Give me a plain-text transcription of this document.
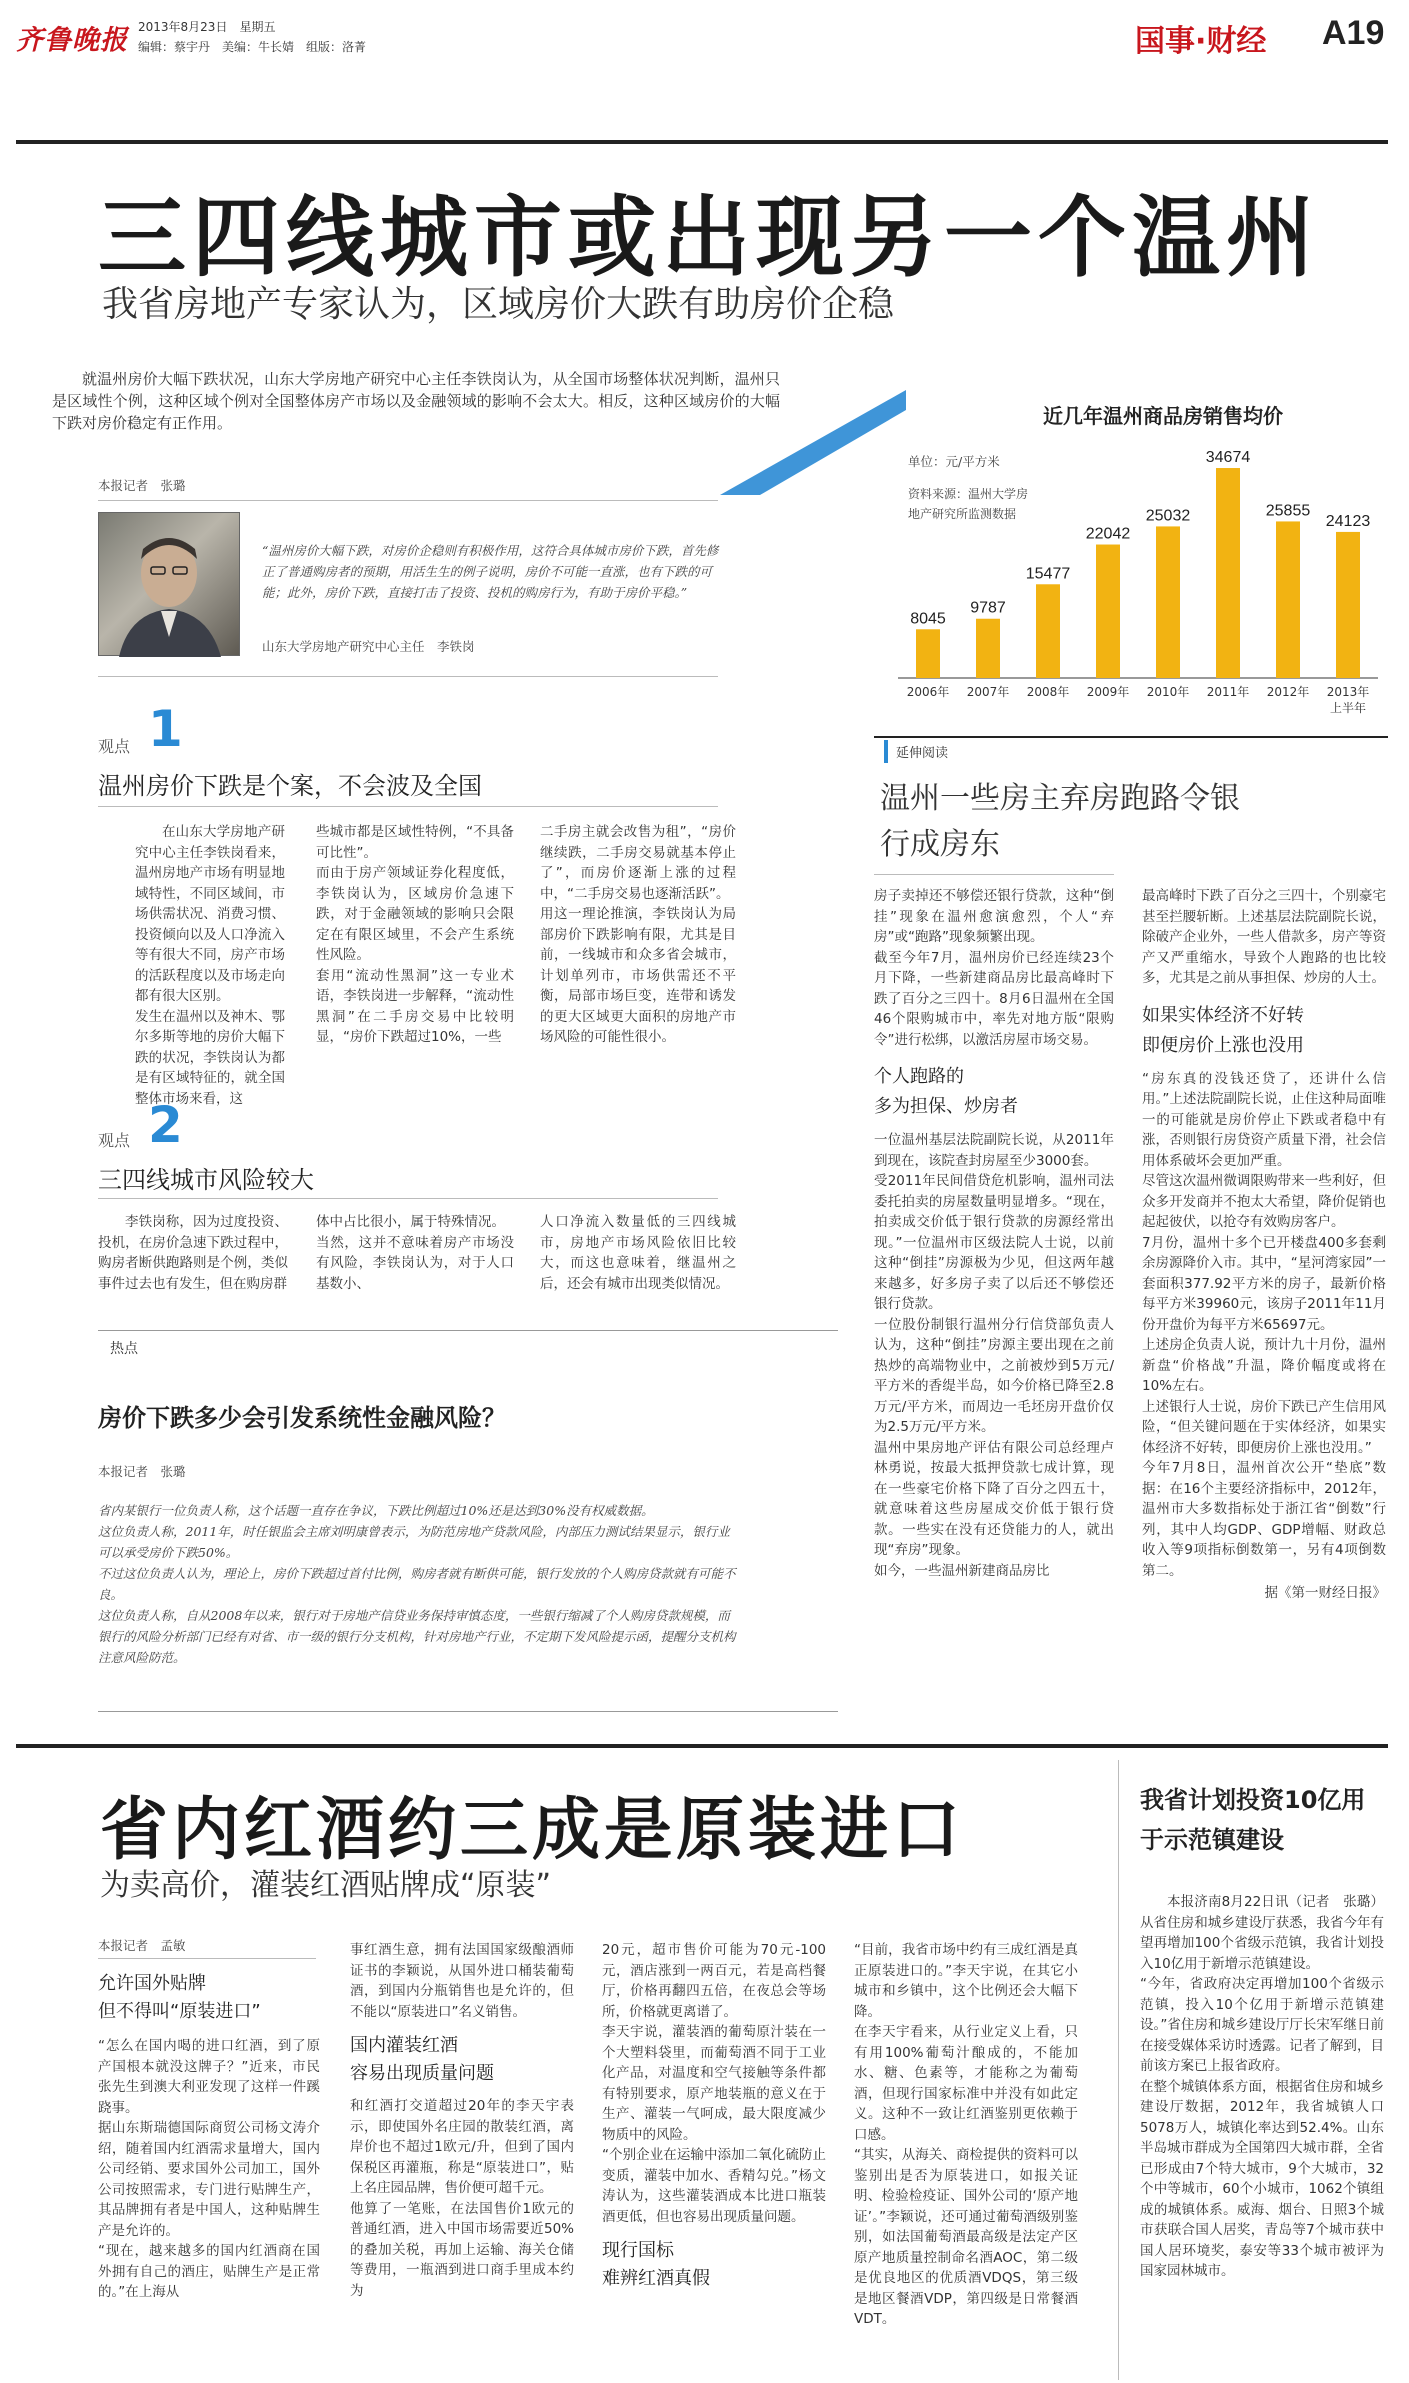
齐鲁晚报 2013年8月23日　星期五
编辑：蔡宇丹　美编：牛长婧　组版：洛菁	国事·财经 A19
三四线城市或出现另一个温州
我省房地产专家认为，区域房价大跌有助房价企稳
就温州房价大幅下跌状况，山东大学房地产研究中心主任李铁岗认为，从全国市场整体状况判断，温州只是区域性个例，这种区域个例对全国整体房产市场以及金融领域的影响不会太大。相反，这种区域房价的大幅下跌对房价稳定有正作用。
本报记者　张璐
“温州房价大幅下跌，对房价企稳则有积极作用，这符合具体城市房价下跌，首先修正了普通购房者的预期，用活生生的例子说明，房价不可能一直涨，也有下跌的可能；此外，房价下跌，直接打击了投资、投机的购房行为，有助于房价平稳。”
山东大学房地产研究中心主任　李铁岗
观点 1
温州房价下跌是个案，不会波及全国
在山东大学房地产研究中心主任李铁岗看来，温州房地产市场有明显地域特性，不同区域间，市场供需状况、消费习惯、投资倾向以及人口净流入等有很大不同，房产市场的活跃程度以及市场走向都有很大区别。
发生在温州以及神木、鄂尔多斯等地的房价大幅下跌的状况，李铁岗认为都是有区域特征的，就全国整体市场来看，这
些城市都是区域性特例，“不具备可比性”。
而由于房产领域证券化程度低，李铁岗认为，区域房价急速下跌，对于金融领域的影响只会限定在有限区域里，不会产生系统性风险。
套用“流动性黑洞”这一专业术语，李铁岗进一步解释，“流动性黑洞”在二手房交易中比较明显，“房价下跌超过10%，一些
二手房主就会改售为租”，“房价继续跌，二手房交易就基本停止了”，而房价逐渐上涨的过程中，“二手房交易也逐渐活跃”。
用这一理论推演，李铁岗认为局部房价下跌影响有限，尤其是目前，一线城市和众多省会城市，计划单列市，市场供需还不平衡，局部市场巨变，连带和诱发的更大区域更大面积的房地产市场风险的可能性很小。
观点 2
三四线城市风险较大
李铁岗称，因为过度投资、投机，在房价急速下跌过程中，购房者断供跑路则是个例，类似事件过去也有发生，但在购房群
体中占比很小，属于特殊情况。
当然，这并不意味着房产市场没有风险，李铁岗认为，对于人口基数小、
人口净流入数量低的三四线城市，房地产市场风险依旧比较大，而这也意味着，继温州之后，还会有城市出现类似情况。
近几年温州商品房销售均价
单位：元/平方米
资料来源：温州大学房地产研究所监测数据
8045
2006年
9787
2007年
15477
2008年
22042
2009年
25032
2010年
34674
2011年
25855
2012年
24123
2013年上半年
延伸阅读
温州一些房主弃房跑路令银行成房东
房子卖掉还不够偿还银行贷款，这种“倒挂”现象在温州愈演愈烈，个人“弃房”或“跑路”现象频繁出现。
截至今年7月，温州房价已经连续23个月下降，一些新建商品房比最高峰时下跌了百分之三四十。8月6日温州在全国46个限购城市中，率先对地方版“限购令”进行松绑，以激活房屋市场交易。
个人跑路的
多为担保、炒房者
一位温州基层法院副院长说，从2011年到现在，该院查封房屋至少3000套。
受2011年民间借贷危机影响，温州司法委托拍卖的房屋数量明显增多。“现在，拍卖成交价低于银行贷款的房源经常出现。”一位温州市区级法院人士说，以前这种“倒挂”房源极为少见，但这两年越来越多，好多房子卖了以后还不够偿还银行贷款。
一位股份制银行温州分行信贷部负责人认为，这种“倒挂”房源主要出现在之前热炒的高端物业中，之前被炒到5万元/平方米的香缇半岛，如今价格已降至2.8万元/平方米，而周边一毛坯房开盘价仅为2.5万元/平方米。
温州中果房地产评估有限公司总经理卢林勇说，按最大抵押贷款七成计算，现在一些豪宅价格下降了百分之四五十，就意味着这些房屋成交价低于银行贷款。一些实在没有还贷能力的人，就出现“弃房”现象。
如今，一些温州新建商品房比
最高峰时下跌了百分之三四十，个别豪宅甚至拦腰斩断。上述基层法院副院长说，除破产企业外，一些人借款多，房产等资产又严重缩水，导致个人跑路的也比较多，尤其是之前从事担保、炒房的人士。
如果实体经济不好转
即便房价上涨也没用
“房东真的没钱还贷了，还讲什么信用。”上述法院副院长说，止住这种局面唯一的可能就是房价停止下跌或者稳中有涨，否则银行房贷资产质量下滑，社会信用体系破坏会更加严重。
尽管这次温州微调限购带来一些利好，但众多开发商并不抱太大希望，降价促销也起起彼伏，以抢夺有效购房客户。
7月份，温州十多个已开楼盘400多套剩余房源降价入市。其中，“星河湾家园”一套面积377.92平方米的房子，最新价格每平方米39960元，该房子2011年11月份开盘价为每平方米65697元。
上述房企负责人说，预计九十月份，温州新盘“价格战”升温，降价幅度或将在10%左右。
上述银行人士说，房价下跌已产生信用风险，“但关键问题在于实体经济，如果实体经济不好转，即便房价上涨也没用。”
今年7月8日，温州首次公开“垫底”数据：在16个主要经济指标中，2012年，温州市大多数指标处于浙江省“倒数”行列，其中人均GDP、GDP增幅、财政总收入等9项指标倒数第一，另有4项倒数第二。
据《第一财经日报》
热点
房价下跌多少会引发系统性金融风险？
本报记者　张璐
省内某银行一位负责人称，这个话题一直存在争议，下跌比例超过10%还是达到30%没有权威数据。
这位负责人称，2011年，时任银监会主席刘明康曾表示，为防范房地产贷款风险，内部压力测试结果显示，银行业可以承受房价下跌50%。
不过这位负责人认为，理论上，房价下跌超过首付比例，购房者就有断供可能，银行发放的个人购房贷款就有可能不良。
这位负责人称，自从2008年以来，银行对于房地产信贷业务保持审慎态度，一些银行缩减了个人购房贷款规模，而银行的风险分析部门已经有对省、市一级的银行分支机构，针对房地产行业，不定期下发风险提示函，提醒分支机构注意风险防范。
省内红酒约三成是原装进口
为卖高价，灌装红酒贴牌成“原装”
本报记者　孟敏
允许国外贴牌
但不得叫“原装进口”
“怎么在国内喝的进口红酒，到了原产国根本就没这牌子？”近来，市民张先生到澳大利亚发现了这样一件蹊跷事。
据山东斯瑞德国际商贸公司杨文涛介绍，随着国内红酒需求量增大，国内公司经销、要求国外公司加工，国外公司按照需求，专门进行贴牌生产，其品牌拥有者是中国人，这种贴牌生产是允许的。
“现在，越来越多的国内红酒商在国外拥有自己的酒庄，贴牌生产是正常的。”在上海从
事红酒生意，拥有法国国家级酿酒师证书的李颖说，从国外进口桶装葡萄酒，到国内分瓶销售也是允许的，但不能以“原装进口”名义销售。
国内灌装红酒
容易出现质量问题
和红酒打交道超过20年的李天宇表示，即使国外名庄园的散装红酒，离岸价也不超过1欧元/升，但到了国内保税区再灌瓶，称是“原装进口”，贴上名庄园品牌，售价便可超千元。
他算了一笔账，在法国售价1欧元的普通红酒，进入中国市场需要近50%的叠加关税，再加上运输、海关仓储等费用，一瓶酒到进口商手里成本约为
20元，超市售价可能为70元-100元，酒店涨到一两百元，若是高档餐厅，价格再翻四五倍，在夜总会等场所，价格就更离谱了。
李天宇说，灌装酒的葡萄原汁装在一个大塑料袋里，而葡萄酒不同于工业化产品，对温度和空气接触等条件都有特别要求，原产地装瓶的意义在于生产、灌装一气呵成，最大限度减少物质中的风险。
“个别企业在运输中添加二氧化硫防止变质，灌装中加水、香精勾兑。”杨文涛认为，这些灌装酒成本比进口瓶装酒更低，但也容易出现质量问题。
现行国标
难辨红酒真假
“目前，我省市场中约有三成红酒是真正原装进口的。”李天宇说，在其它小城市和乡镇中，这个比例还会大幅下降。
在李天宇看来，从行业定义上看，只有用100%葡萄汁酿成的，不能加水、糖、色素等，才能称之为葡萄酒，但现行国家标准中并没有如此定义。这种不一致让红酒鉴别更依赖于口感。
“其实，从海关、商检提供的资料可以鉴别出是否为原装进口，如报关证明、检验检疫证、国外公司的‘原产地证’。”李颖说，还可通过葡萄酒级别鉴别，如法国葡萄酒最高级是法定产区原产地质量控制命名酒AOC，第二级是优良地区的优质酒VDQS，第三级是地区餐酒VDP，第四级是日常餐酒VDT。
我省计划投资10亿用于示范镇建设
本报济南8月22日讯（记者　张璐）从省住房和城乡建设厅获悉，我省今年有望再增加100个省级示范镇，我省计划投入10亿用于新增示范镇建设。
“今年，省政府决定再增加100个省级示范镇，投入10个亿用于新增示范镇建设。”省住房和城乡建设厅厅长宋军继日前在接受媒体采访时透露。记者了解到，目前该方案已上报省政府。
在整个城镇体系方面，根据省住房和城乡建设厅数据，2012年，我省城镇人口5078万人，城镇化率达到52.4%。山东半岛城市群成为全国第四大城市群，全省已形成由7个特大城市，9个大城市，32个中等城市，60个小城市，1062个镇组成的城镇体系。威海、烟台、日照3个城市获联合国人居奖，青岛等7个城市获中国人居环境奖，泰安等33个城市被评为国家园林城市。
